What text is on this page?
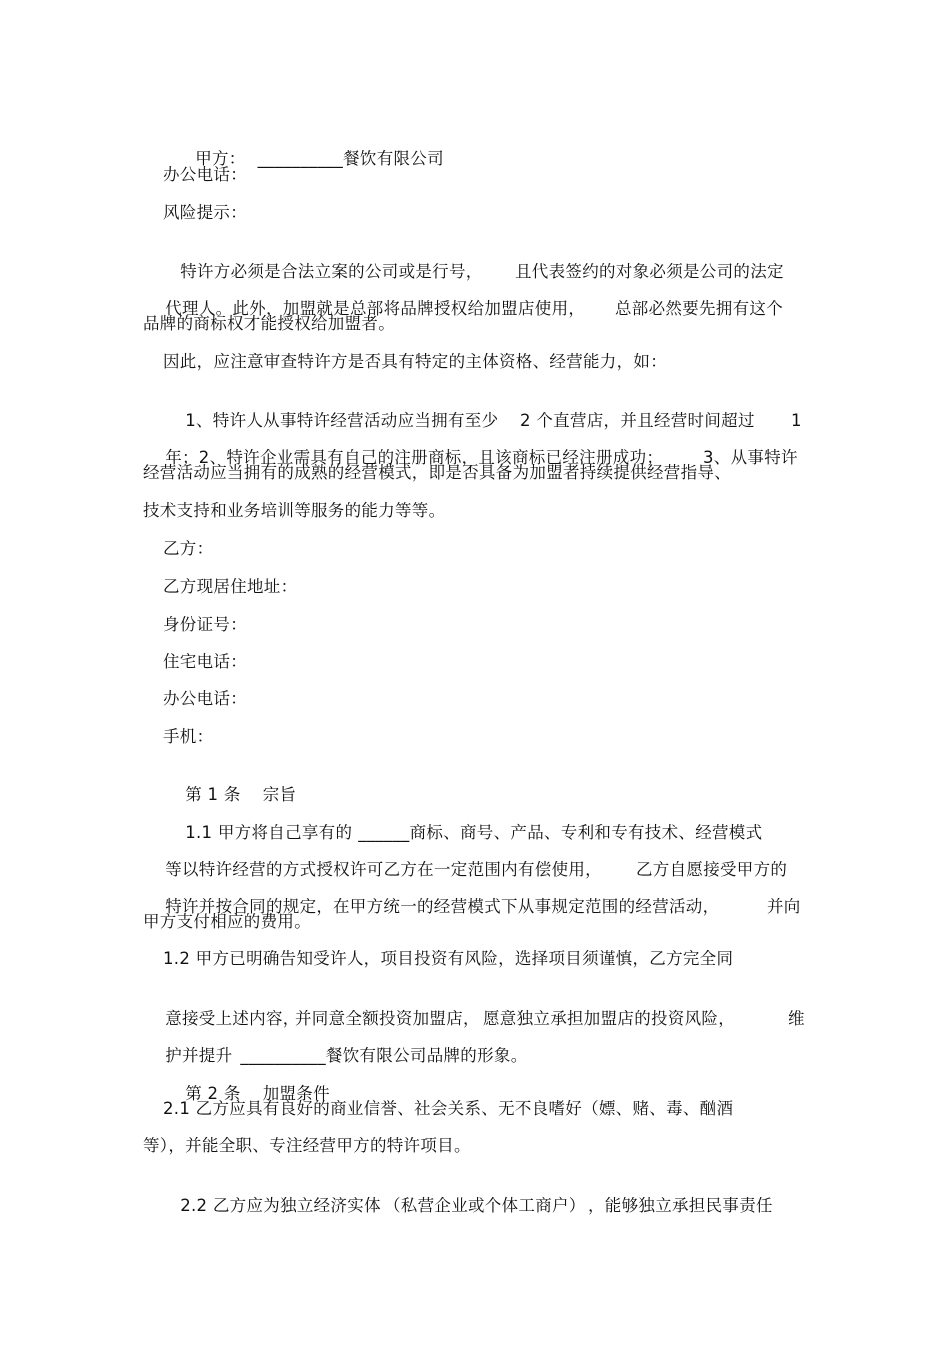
甲方： __________餐饮有限公司

办公电话：
风险提示：

特许方必须是合法立案的公司或是行号， 且代表签约的对象必须是公司的法定

代理人。此外，加盟就是总部将品牌授权给加盟店使用， 总部必然要先拥有这个

品牌的商标权才能授权给加盟者。
因此，应注意审查特许方是否具有特定的主体资格、经营能力，如：

1、特许人从事特许经营活动应当拥有至少 2 个直营店，并且经营时间超过 1

年；2、特许企业需具有自己的注册商标，且该商标已经注册成功； 3、从事特许

经营活动应当拥有的成熟的经营模式，即是否具备为加盟者持续提供经营指导、
技术支持和业务培训等服务的能力等等。
乙方：
乙方现居住地址：
身份证号：
住宅电话：
办公电话：
手机：

第 1 条 宗旨

1.1 甲方将自己享有的 ______商标、商号、产品、专利和专有技术、经营模式

等以特许经营的方式授权许可乙方在一定范围内有偿使用， 乙方自愿接受甲方的

特许并按合同的规定， 在甲方统一的经营模式下从事规定范围的经营活动，	并向

甲方支付相应的费用。
1.2 甲方已明确告知受许人，项目投资有风险，选择项目须谨慎，乙方完全同

意接受上述内容，
并同意全额投资加盟店， 愿意独立承担加盟店的投资风险，	维

护并提升 __________餐饮有限公司品牌的形象。

第 2 条 加盟条件

2.1 乙方应具有良好的商业信誉、社会关系、无不良嗜好（嫖、赌、毒、酗酒
等），并能全职、专注经营甲方的特许项目。

2.2 乙方应为独立经济实体 （私营企业或个体工商户） ，能够独立承担民事责任
